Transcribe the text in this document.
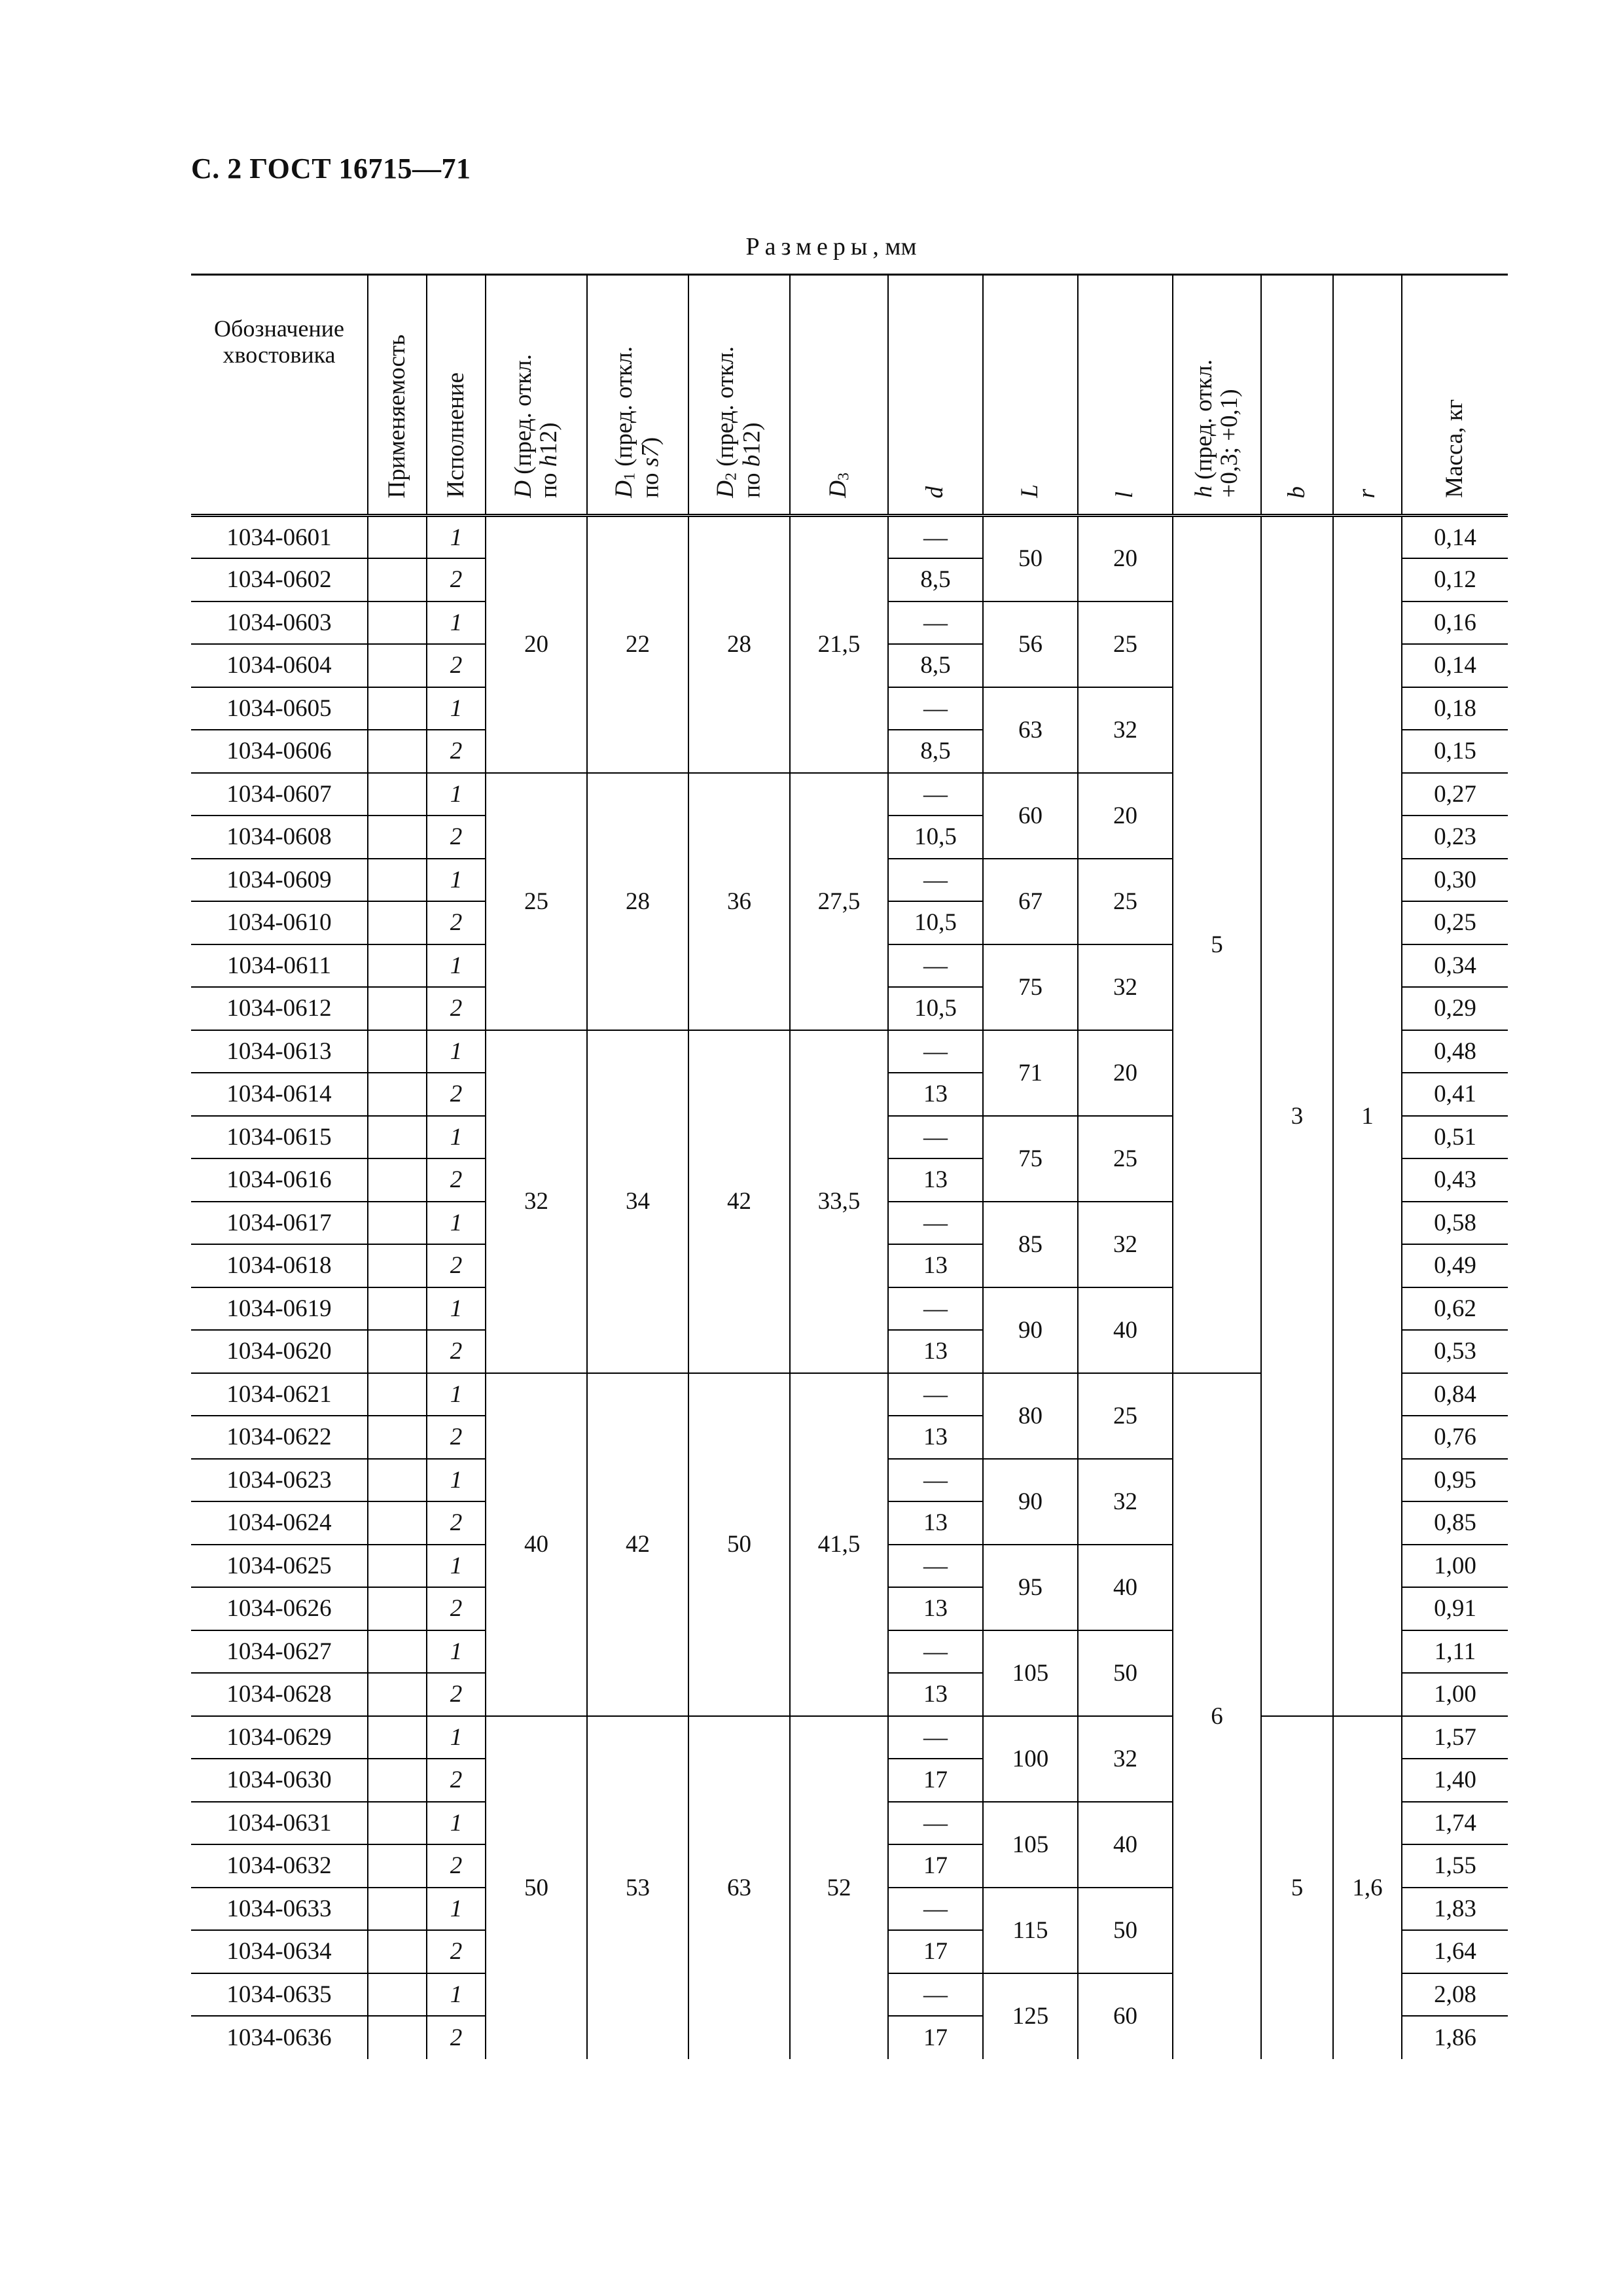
С. 2 ГОСТ 16715—71
Размеры, мм
Обозначение хвостовика	Применяемость	Исполнение	D (пред. откл.
по h12)	$D_1$ (пред. откл.
по s7)	$D_2$ (пред. откл.
по b12)	$D_3$	d	L	l	h (пред. откл.
+0,3; +0,1)	b	r	Масса, кг
1034-0601		1	20	22	28	21,5	—	50	20	5	3	1	0,14
1034-0602		2					8,5						0,12
1034-0603		1					—	56	25				0,16
1034-0604		2					8,5						0,14
1034-0605		1					—	63	32				0,18
1034-0606		2					8,5						0,15
1034-0607		1	25	28	36	27,5	—	60	20				0,27
1034-0608		2					10,5						0,23
1034-0609		1					—	67	25				0,30
1034-0610		2					10,5						0,25
1034-0611		1					—	75	32				0,34
1034-0612		2					10,5						0,29
1034-0613		1	32	34	42	33,5	—	71	20				0,48
1034-0614		2					13						0,41
1034-0615		1					—	75	25				0,51
1034-0616		2					13						0,43
1034-0617		1					—	85	32				0,58
1034-0618		2					13						0,49
1034-0619		1					—	90	40				0,62
1034-0620		2					13						0,53
1034-0621		1	40	42	50	41,5	—	80	25	6			0,84
1034-0622		2					13						0,76
1034-0623		1					—	90	32				0,95
1034-0624		2					13						0,85
1034-0625		1					—	95	40				1,00
1034-0626		2					13						0,91
1034-0627		1					—	105	50				1,11
1034-0628		2					13						1,00
1034-0629		1	50	53	63	52	—	100	32		5	1,6	1,57
1034-0630		2					17						1,40
1034-0631		1					—	105	40				1,74
1034-0632		2					17						1,55
1034-0633		1					—	115	50				1,83
1034-0634		2					17						1,64
1034-0635		1					—	125	60				2,08
1034-0636		2					17						1,86
